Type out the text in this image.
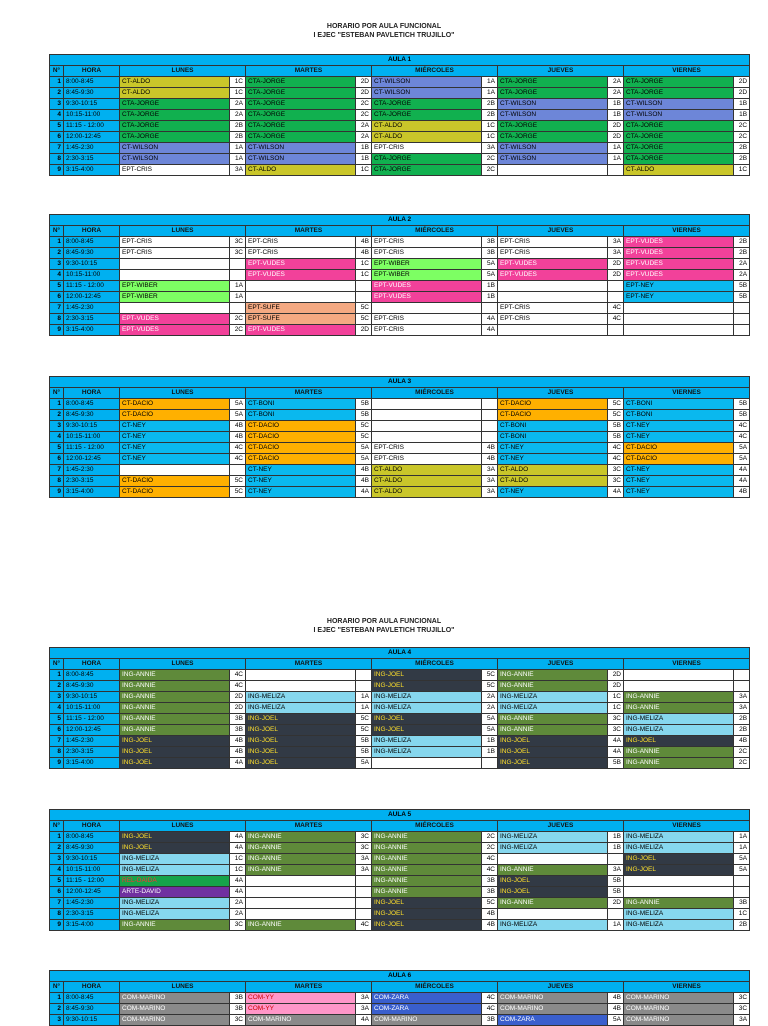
HORARIO POR AULA FUNCIONAL
I EJEC "ESTEBAN PAVLETICH TRUJILLO"
AULA 1											
N°	HORA	LUNES		MARTES		MIÉRCOLES		JUEVES		VIERNES	
1	8:00-8:45	CT-ALDO	1C	CTA-JORGE	2D	CT-WILSON	1A	CTA-JORGE	2A	CTA-JORGE	2D
2	8:45-9:30	CT-ALDO	1C	CTA-JORGE	2D	CT-WILSON	1A	CTA-JORGE	2A	CTA-JORGE	2D
3	9:30-10:15	CTA-JORGE	2A	CTA-JORGE	2C	CTA-JORGE	2B	CT-WILSON	1B	CT-WILSON	1B
4	10:15-11:00	CTA-JORGE	2A	CTA-JORGE	2C	CTA-JORGE	2B	CT-WILSON	1B	CT-WILSON	1B
5	11:15 - 12:00	CTA-JORGE	2B	CTA-JORGE	2A	CT-ALDO	1C	CTA-JORGE	2D	CTA-JORGE	2C
6	12:00-12:45	CTA-JORGE	2B	CTA-JORGE	2A	CT-ALDO	1C	CTA-JORGE	2D	CTA-JORGE	2C
7	1:45-2:30	CT-WILSON	1A	CT-WILSON	1B	EPT-CRIS	3A	CT-WILSON	1A	CTA-JORGE	2B
8	2:30-3:15	CT-WILSON	1A	CT-WILSON	1B	CTA-JORGE	2C	CT-WILSON	1A	CTA-JORGE	2B
9	3:15-4:00	EPT-CRIS	3A	CT-ALDO	1C	CTA-JORGE	2C			CT-ALDO	1C
AULA 2											
N°	HORA	LUNES		MARTES		MIÉRCOLES		JUEVES		VIERNES	
1	8:00-8:45	EPT-CRIS	3C	EPT-CRIS	4B	EPT-CRIS	3B	EPT-CRIS	3A	EPT-VUDES	2B
2	8:45-9:30	EPT-CRIS	3C	EPT-CRIS	4B	EPT-CRIS	3B	EPT-CRIS	3A	EPT-VUDES	2B
3	9:30-10:15			EPT-VUDES	1C	EPT-WIBER	5A	EPT-VUDES	2D	EPT-VUDES	2A
4	10:15-11:00			EPT-VUDES	1C	EPT-WIBER	5A	EPT-VUDES	2D	EPT-VUDES	2A
5	11:15 - 12:00	EPT-WIBER	1A			EPT-VUDES	1B			EPT-NEY	5B
6	12:00-12:45	EPT-WIBER	1A			EPT-VUDES	1B			EPT-NEY	5B
7	1:45-2:30			EPT-SUFE	5C			EPT-CRIS	4C		
8	2:30-3:15	EPT-VUDES	2C	EPT-SUFE	5C	EPT-CRIS	4A	EPT-CRIS	4C		
9	3:15-4:00	EPT-VUDES	2C	EPT-VUDES	2D	EPT-CRIS	4A				
AULA 3											
N°	HORA	LUNES		MARTES		MIÉRCOLES		JUEVES		VIERNES	
1	8:00-8:45	CT-DACIO	5A	CT-BONI	5B			CT-DACIO	5C	CT-BONI	5B
2	8:45-9:30	CT-DACIO	5A	CT-BONI	5B			CT-DACIO	5C	CT-BONI	5B
3	9:30-10:15	CT-NEY	4B	CT-DACIO	5C			CT-BONI	5B	CT-NEY	4C
4	10:15-11:00	CT-NEY	4B	CT-DACIO	5C			CT-BONI	5B	CT-NEY	4C
5	11:15 - 12:00	CT-NEY	4C	CT-DACIO	5A	EPT-CRIS	4B	CT-NEY	4C	CT-DACIO	5A
6	12:00-12:45	CT-NEY	4C	CT-DACIO	5A	EPT-CRIS	4B	CT-NEY	4C	CT-DACIO	5A
7	1:45-2:30			CT-NEY	4B	CT-ALDO	3A	CT-ALDO	3C	CT-NEY	4A
8	2:30-3:15	CT-DACIO	5C	CT-NEY	4B	CT-ALDO	3A	CT-ALDO	3C	CT-NEY	4A
9	3:15-4:00	CT-DACIO	5C	CT-NEY	4A	CT-ALDO	3A	CT-NEY	4A	CT-NEY	4B
HORARIO POR AULA FUNCIONAL
I EJEC "ESTEBAN PAVLETICH TRUJILLO"
AULA 4											
N°	HORA	LUNES		MARTES		MIÉRCOLES		JUEVES		VIERNES	
1	8:00-8:45	ING-ANNIE	4C			ING-JOEL	5C	ING-ANNIE	2D		
2	8:45-9:30	ING-ANNIE	4C			ING-JOEL	5C	ING-ANNIE	2D		
3	9:30-10:15	ING-ANNIE	2D	ING-MELIZA	1A	ING-MELIZA	2A	ING-MELIZA	1C	ING-ANNIE	3A
4	10:15-11:00	ING-ANNIE	2D	ING-MELIZA	1A	ING-MELIZA	2A	ING-MELIZA	1C	ING-ANNIE	3A
5	11:15 - 12:00	ING-ANNIE	3B	ING-JOEL	5C	ING-JOEL	5A	ING-ANNIE	3C	ING-MELIZA	2B
6	12:00-12:45	ING-ANNIE	3B	ING-JOEL	5C	ING-JOEL	5A	ING-ANNIE	3C	ING-MELIZA	2B
7	1:45-2:30	ING-JOEL	4B	ING-JOEL	5B	ING-MELIZA	1B	ING-JOEL	4A	ING-JOEL	4B
8	2:30-3:15	ING-JOEL	4B	ING-JOEL	5B	ING-MELIZA	1B	ING-JOEL	4A	ING-ANNIE	2C
9	3:15-4:00	ING-JOEL	4A	ING-JOEL	5A			ING-JOEL	5B	ING-ANNIE	2C
AULA 5											
N°	HORA	LUNES		MARTES		MIÉRCOLES		JUEVES		VIERNES	
1	8:00-8:45	ING-JOEL	4A	ING-ANNIE	3C	ING-ANNIE	2C	ING-MELIZA	1B	ING-MELIZA	1A
2	8:45-9:30	ING-JOEL	4A	ING-ANNIE	3C	ING-ANNIE	2C	ING-MELIZA	1B	ING-MELIZA	1A
3	9:30-10:15	ING-MELIZA	1C	ING-ANNIE	3A	ING-ANNIE	4C			ING-JOEL	5A
4	10:15-11:00	ING-MELIZA	1C	ING-ANNIE	3A	ING-ANNIE	4C	ING-ANNIE	3A	ING-JOEL	5A
5	11:15 - 12:00	REL-DAIDA	4A			ING-ANNIE	3B	ING-JOEL	5B		
6	12:00-12:45	ARTE-DAVID	4A			ING-ANNIE	3B	ING-JOEL	5B		
7	1:45-2:30	ING-MELIZA	2A			ING-JOEL	5C	ING-ANNIE	2D	ING-ANNIE	3B
8	2:30-3:15	ING-MELIZA	2A			ING-JOEL	4B			ING-MELIZA	1C
9	3:15-4:00	ING-ANNIE	3C	ING-ANNIE	4C	ING-JOEL	4B	ING-MELIZA	1A	ING-MELIZA	2B
AULA 6											
N°	HORA	LUNES		MARTES		MIÉRCOLES		JUEVES		VIERNES	
1	8:00-8:45	COM-MARINO	3B	COM-YY	3A	COM-ZARA	4C	COM-MARINO	4B	COM-MARINO	3C
2	8:45-9:30	COM-MARINO	3B	COM-YY	3A	COM-ZARA	4C	COM-MARINO	4B	COM-MARINO	3C
3	9:30-10:15	COM-MARINO	3C	COM-MARINO	4A	COM-MARINO	3B	COM-ZARA	5A	COM-MARINO	3A
